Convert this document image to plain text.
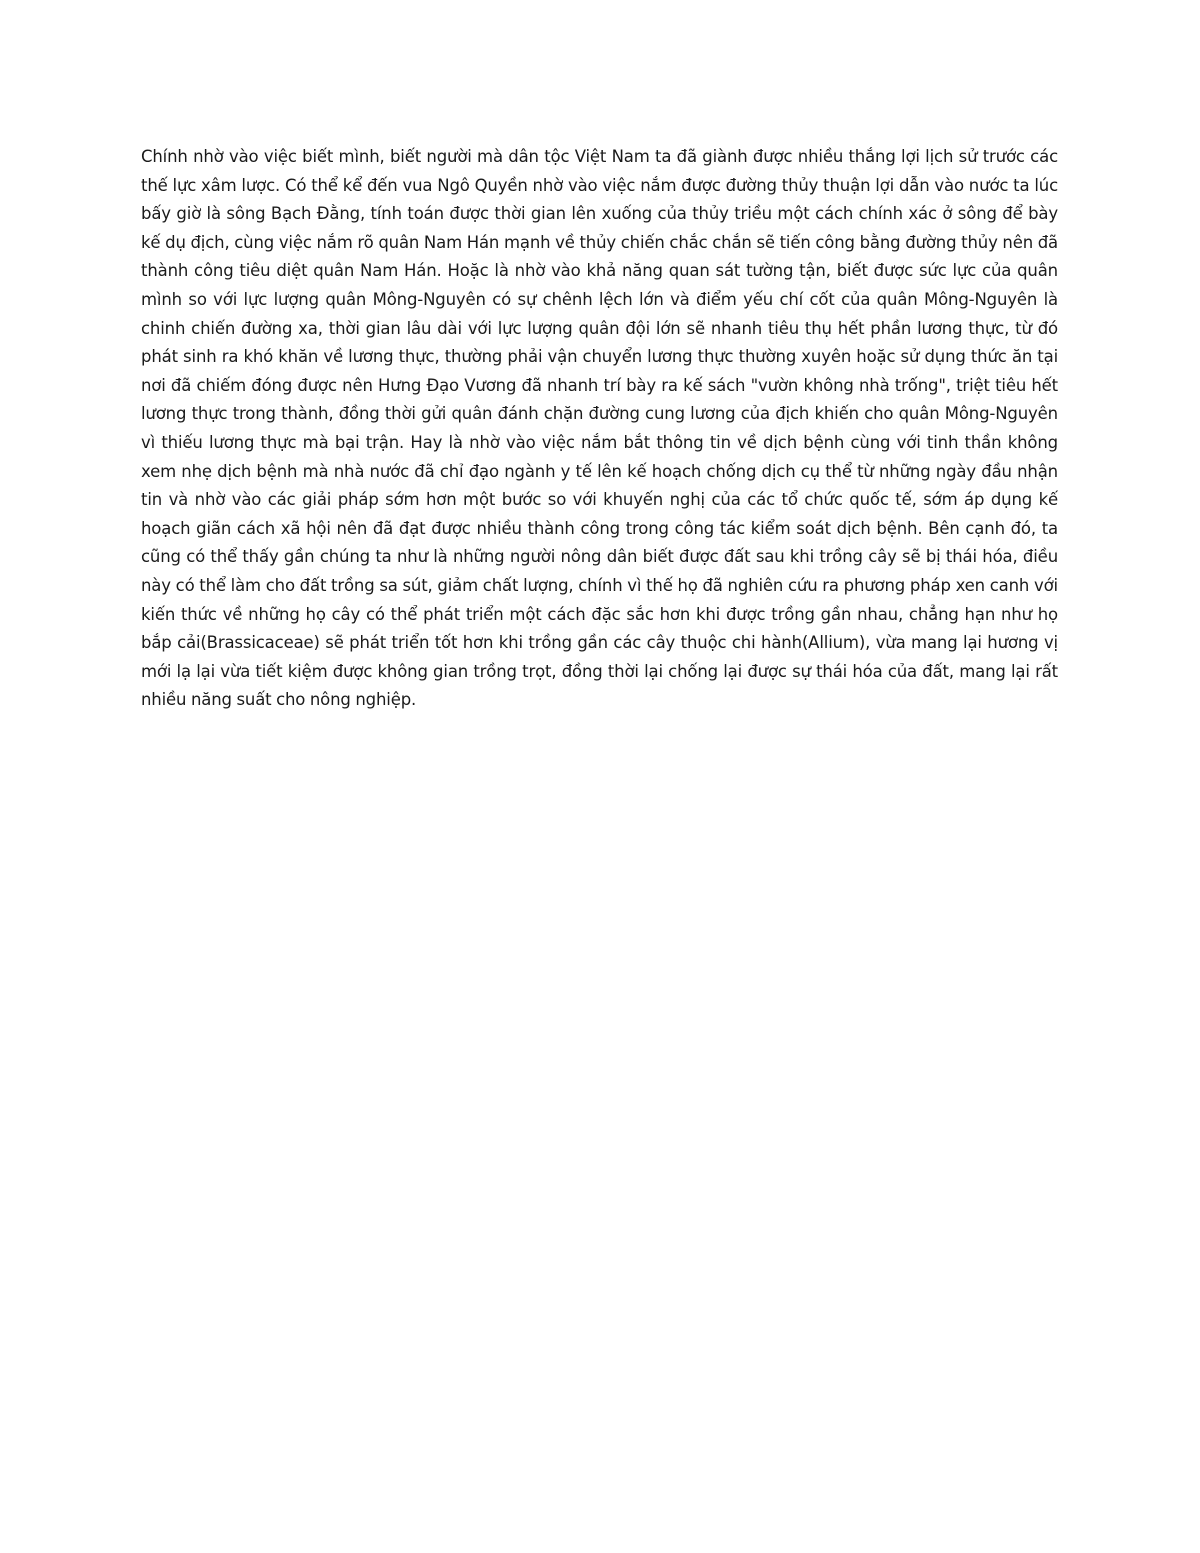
Chính nhờ vào việc biết mình, biết người mà dân tộc Việt Nam ta đã giành được nhiều thắng lợi lịch sử trước các thế lực xâm lược. Có thể kể đến vua Ngô Quyền nhờ vào việc nắm được đường thủy thuận lợi dẫn vào nước ta lúc bấy giờ là sông Bạch Đằng, tính toán được thời gian lên xuống của thủy triều một cách chính xác ở sông để bày kế dụ địch, cùng việc nắm rõ quân Nam Hán mạnh về thủy chiến chắc chắn sẽ tiến công bằng đường thủy nên đã thành công tiêu diệt quân Nam Hán. Hoặc là nhờ vào khả năng quan sát tường tận, biết được sức lực của quân mình so với lực lượng quân Mông-Nguyên có sự chênh lệch lớn và điểm yếu chí cốt của quân Mông-Nguyên là chinh chiến đường xa, thời gian lâu dài với lực lượng quân đội lớn sẽ nhanh tiêu thụ hết phần lương thực, từ đó phát sinh ra khó khăn về lương thực, thường phải vận chuyển lương thực thường xuyên hoặc sử dụng thức ăn tại nơi đã chiếm đóng được nên Hưng Đạo Vương đã nhanh trí bày ra kế sách "vườn không nhà trống", triệt tiêu hết lương thực trong thành, đồng thời gửi quân đánh chặn đường cung lương của địch khiến cho quân Mông-Nguyên vì thiếu lương thực mà bại trận. Hay là nhờ vào việc nắm bắt thông tin về dịch bệnh cùng với tinh thần không xem nhẹ dịch bệnh mà nhà nước đã chỉ đạo ngành y tế lên kế hoạch chống dịch cụ thể từ những ngày đầu nhận tin và nhờ vào các giải pháp sớm hơn một bước so với khuyến nghị của các tổ chức quốc tế, sớm áp dụng kế hoạch giãn cách xã hội nên đã đạt được nhiều thành công trong công tác kiểm soát dịch bệnh. Bên cạnh đó, ta cũng có thể thấy gần chúng ta như là những người nông dân biết được đất sau khi trồng cây sẽ bị thái hóa, điều này có thể làm cho đất trồng sa sút, giảm chất lượng, chính vì thế họ đã nghiên cứu ra phương pháp xen canh với kiến thức về những họ cây có thể phát triển một cách đặc sắc hơn khi được trồng gần nhau, chẳng hạn như họ bắp cải(Brassicaceae) sẽ phát triển tốt hơn khi trồng gần các cây thuộc chi hành(Allium), vừa mang lại hương vị mới lạ lại vừa tiết kiệm được không gian trồng trọt, đồng thời lại chống lại được sự thái hóa của đất, mang lại rất nhiều năng suất cho nông nghiệp.
